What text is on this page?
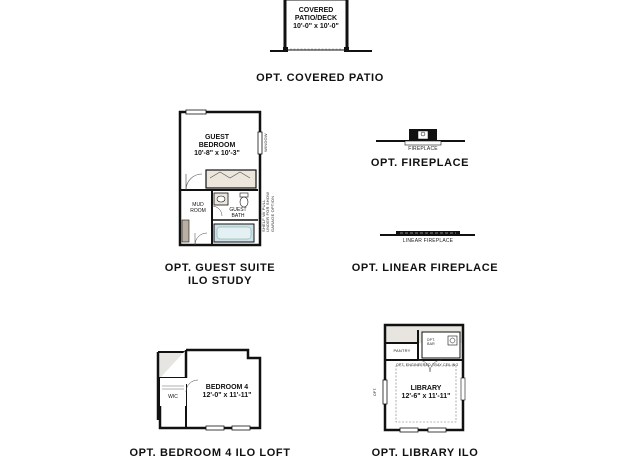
COVERED
PATIO/DECK
10'-0" x 10'-0"
OPT. COVERED PATIO
GUEST
BEDROOM
10'-8" x 10'-3"
MUD
ROOM	GUEST
BATH
WINDOW
SHELF W/ PULL UNDER FOR SHOW GARAGE OPTION
OPT. GUEST SUITE
ILO STUDY
FIREPLACE
OPT. FIREPLACE
LINEAR FIREPLACE
OPT. LINEAR FIREPLACE
BEDROOM 4
12'-0" x 11'-11"
WIC
OPT. BEDROOM 4 ILO LOFT
LIBRARY
12'-6" x 11'-11"
PANTRY
OPT. ENGINEERED TRAY CEILING
OPT.
BAR
OPT.
OPT. LIBRARY ILO
